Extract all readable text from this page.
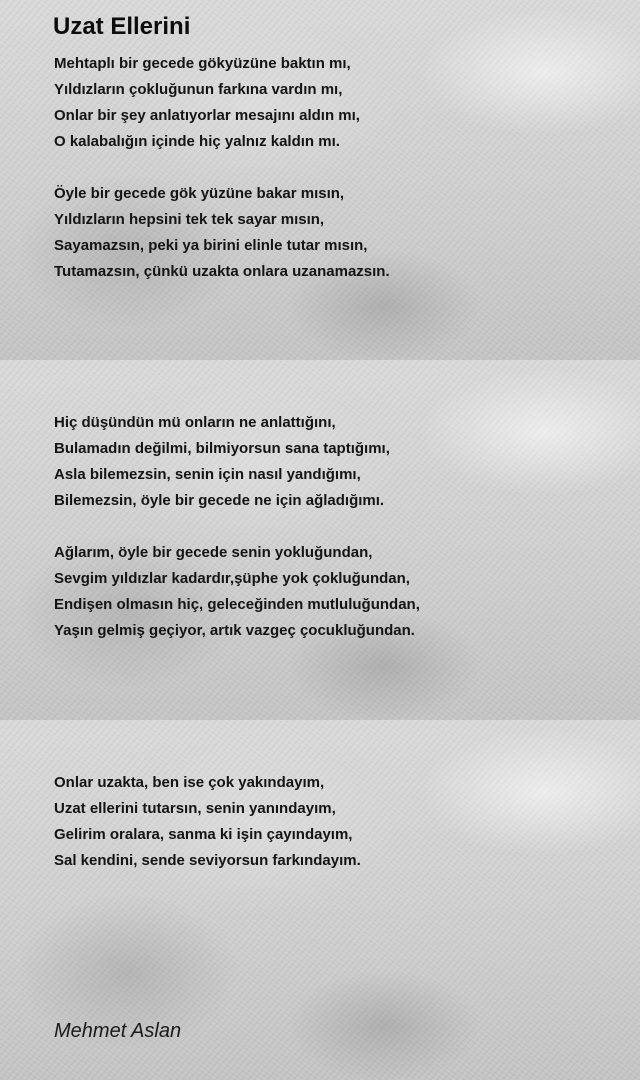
Uzat Ellerini
Mehtaplı bir gecede gökyüzüne baktın mı,
Yıldızların çokluğunun farkına vardın mı,
Onlar bir şey anlatıyorlar mesajını aldın mı,
O kalabalığın içinde hiç yalnız kaldın mı.
Öyle bir gecede gök yüzüne bakar mısın,
Yıldızların hepsini tek tek sayar mısın,
Sayamazsın, peki ya birini elinle tutar mısın,
Tutamazsın, çünkü uzakta onlara uzanamazsın.
Hiç düşündün mü onların ne anlattığını,
Bulamadın değilmi, bilmiyorsun sana taptığımı,
Asla bilemezsin, senin için nasıl yandığımı,
Bilemezsin, öyle bir gecede ne için ağladığımı.
Ağlarım, öyle bir gecede senin yokluğundan,
Sevgim yıldızlar kadardır,şüphe yok çokluğundan,
Endişen olmasın hiç, geleceğinden mutluluğundan,
Yaşın gelmiş geçiyor, artık vazgeç çocukluğundan.
Onlar uzakta, ben ise çok yakındayım,
Uzat ellerini tutarsın, senin yanındayım,
Gelirim oralara, sanma ki işin çayındayım,
Sal kendini, sende seviyorsun farkındayım.

Mehmet Aslan
